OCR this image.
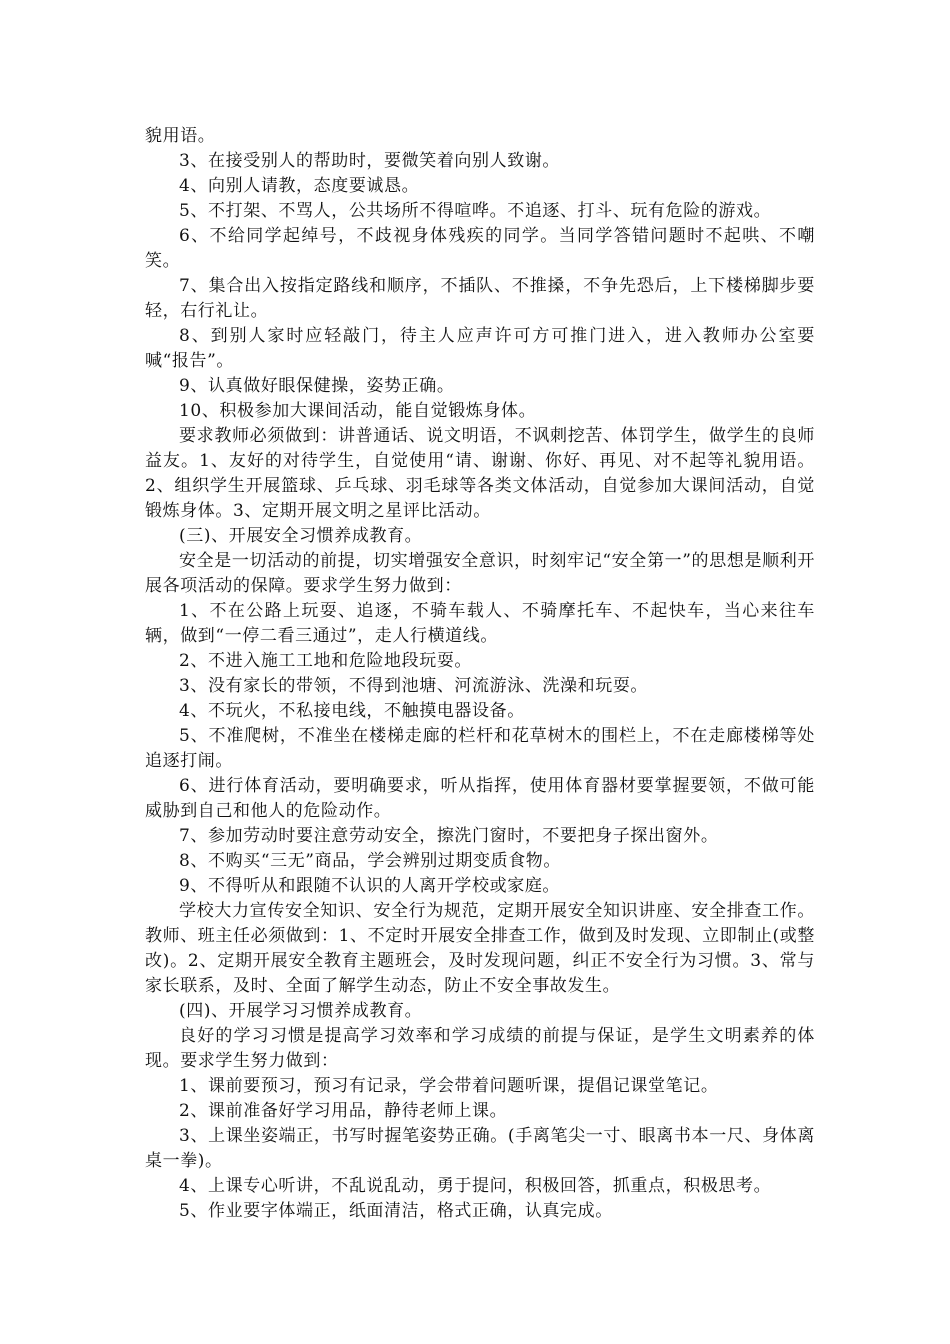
貌用语。

3、在接受别人的帮助时，要微笑着向别人致谢。

4、向别人请教，态度要诚恳。

5、不打架、不骂人，公共场所不得喧哗。不追逐、打斗、玩有危险的游戏。

6、不给同学起绰号，不歧视身体残疾的同学。当同学答错问题时不起哄、不嘲笑。

7、集合出入按指定路线和顺序，不插队、不推搡，不争先恐后，上下楼梯脚步要轻，右行礼让。

8、到别人家时应轻敲门，待主人应声许可方可推门进入，进入教师办公室要喊“报告”。

9、认真做好眼保健操，姿势正确。

10、积极参加大课间活动，能自觉锻炼身体。

要求教师必须做到：讲普通话、说文明语，不讽刺挖苦、体罚学生，做学生的良师益友。1、友好的对待学生，自觉使用“请、谢谢、你好、再见、对不起等礼貌用语。2、组织学生开展篮球、乒乓球、羽毛球等各类文体活动，自觉参加大课间活动，自觉锻炼身体。3、定期开展文明之星评比活动。

(三)、开展安全习惯养成教育。

安全是一切活动的前提，切实增强安全意识，时刻牢记“安全第一”的思想是顺利开展各项活动的保障。要求学生努力做到：

1、不在公路上玩耍、追逐，不骑车载人、不骑摩托车、不起快车，当心来往车辆，做到“一停二看三通过”，走人行横道线。

2、不进入施工工地和危险地段玩耍。

3、没有家长的带领，不得到池塘、河流游泳、洗澡和玩耍。

4、不玩火，不私接电线，不触摸电器设备。

5、不准爬树，不准坐在楼梯走廊的栏杆和花草树木的围栏上，不在走廊楼梯等处追逐打闹。

6、进行体育活动，要明确要求，听从指挥，使用体育器材要掌握要领，不做可能威胁到自己和他人的危险动作。

7、参加劳动时要注意劳动安全，擦洗门窗时，不要把身子探出窗外。

8、不购买“三无”商品，学会辨别过期变质食物。

9、不得听从和跟随不认识的人离开学校或家庭。

学校大力宣传安全知识、安全行为规范，定期开展安全知识讲座、安全排查工作。教师、班主任必须做到：1、不定时开展安全排查工作，做到及时发现、立即制止(或整改)。2、定期开展安全教育主题班会，及时发现问题，纠正不安全行为习惯。3、常与家长联系，及时、全面了解学生动态，防止不安全事故发生。

(四)、开展学习习惯养成教育。

良好的学习习惯是提高学习效率和学习成绩的前提与保证，是学生文明素养的体现。要求学生努力做到：

1、课前要预习，预习有记录，学会带着问题听课，提倡记课堂笔记。

2、课前准备好学习用品，静待老师上课。

3、上课坐姿端正，书写时握笔姿势正确。(手离笔尖一寸、眼离书本一尺、身体离桌一拳)。

4、上课专心听讲，不乱说乱动，勇于提问，积极回答，抓重点，积极思考。

5、作业要字体端正，纸面清洁，格式正确，认真完成。
